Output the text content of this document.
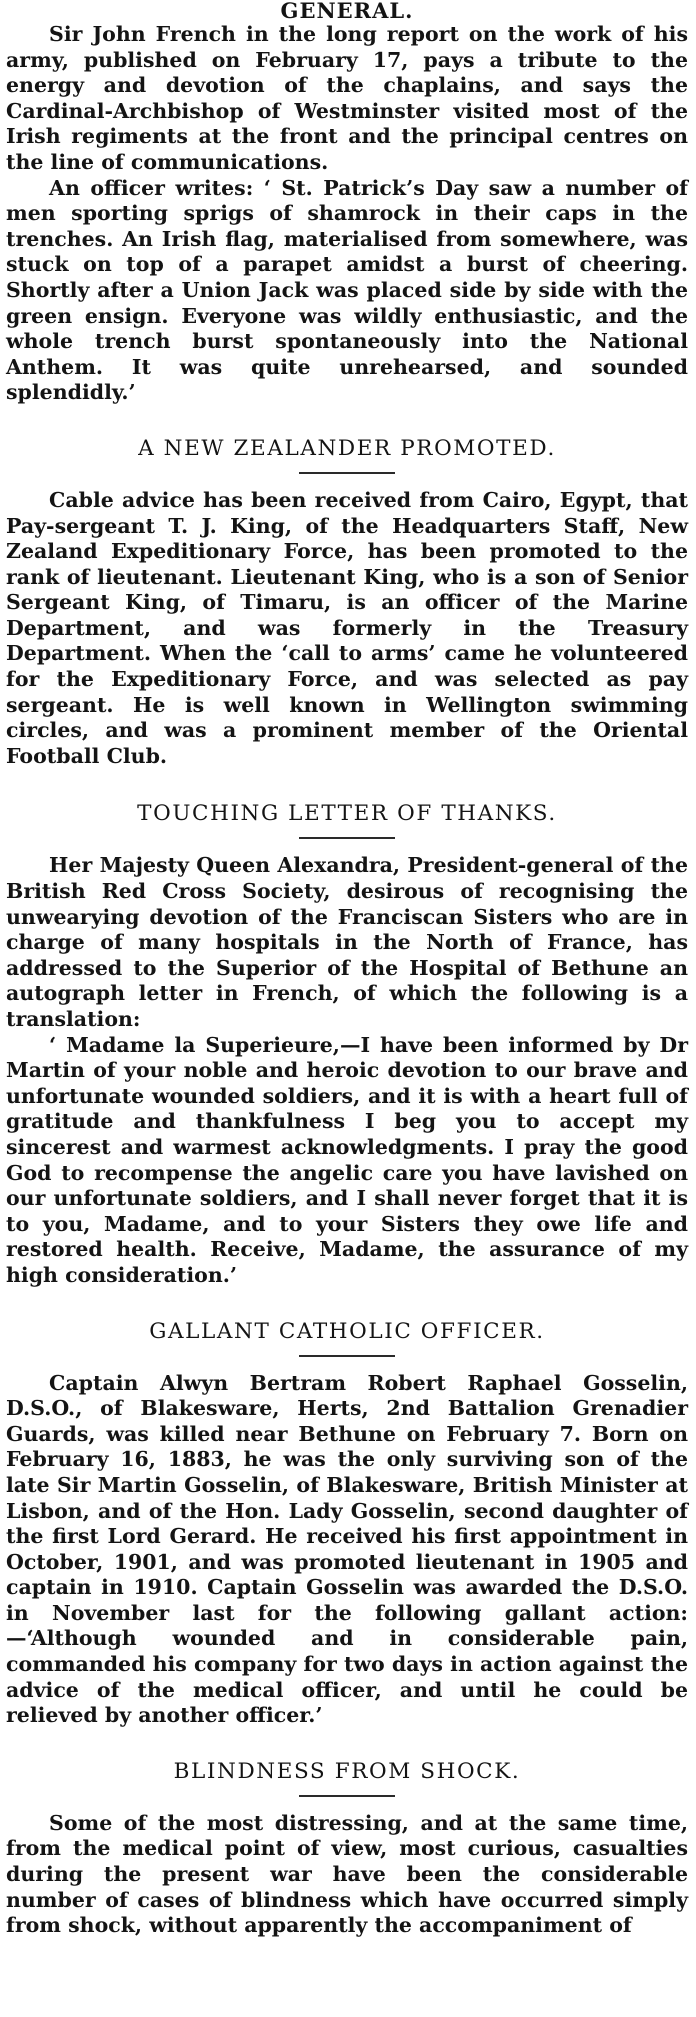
GENERAL.

Sir John French in the long report on the work of his army, published on February 17, pays a tribute to the energy and devotion of the chaplains, and says the Cardinal-Archbishop of Westminster visited most of the Irish regiments at the front and the principal centres on the line of communications.

An officer writes: ‘ St. Patrick’s Day saw a number of men sporting sprigs of shamrock in their caps in the trenches. An Irish flag, materialised from somewhere, was stuck on top of a parapet amidst a burst of cheering. Shortly after a Union Jack was placed side by side with the green ensign. Everyone was wildly enthusiastic, and the whole trench burst spontaneously into the National Anthem. It was quite unrehearsed, and sounded splendidly.’

A NEW ZEALANDER PROMOTED.

Cable advice has been received from Cairo, Egypt, that Pay-sergeant T. J. King, of the Headquarters Staff, New Zealand Expeditionary Force, has been promoted to the rank of lieutenant. Lieutenant King, who is a son of Senior Sergeant King, of Timaru, is an officer of the Marine Department, and was formerly in the Treasury Department. When the ‘call to arms’ came he volunteered for the Expeditionary Force, and was selected as pay sergeant. He is well known in Wellington swimming circles, and was a prominent member of the Oriental Football Club.

TOUCHING LETTER OF THANKS.

Her Majesty Queen Alexandra, President-general of the British Red Cross Society, desirous of recognising the unwearying devotion of the Franciscan Sisters who are in charge of many hospitals in the North of France, has addressed to the Superior of the Hospital of Bethune an autograph letter in French, of which the following is a translation:

‘ Madame la Superieure,—I have been informed by Dr Martin of your noble and heroic devotion to our brave and unfortunate wounded soldiers, and it is with a heart full of gratitude and thankfulness I beg you to accept my sincerest and warmest acknowledgments. I pray the good God to recompense the angelic care you have lavished on our unfortunate soldiers, and I shall never forget that it is to you, Madame, and to your Sisters they owe life and restored health. Receive, Madame, the assurance of my high consideration.’

GALLANT CATHOLIC OFFICER.

Captain Alwyn Bertram Robert Raphael Gosselin, D.S.O., of Blakesware, Herts, 2nd Battalion Grenadier Guards, was killed near Bethune on February 7. Born on February 16, 1883, he was the only surviving son of the late Sir Martin Gosselin, of Blakesware, British Minister at Lisbon, and of the Hon. Lady Gosselin, second daughter of the first Lord Gerard. He received his first appointment in October, 1901, and was promoted lieutenant in 1905 and captain in 1910. Captain Gosselin was awarded the D.S.O. in November last for the following gallant action:—‘Although wounded and in considerable pain, commanded his company for two days in action against the advice of the medical officer, and until he could be relieved by another officer.’

BLINDNESS FROM SHOCK.

Some of the most distressing, and at the same time, from the medical point of view, most curious, casualties during the present war have been the considerable number of cases of blindness which have occurred simply from shock, without apparently the accompaniment of
